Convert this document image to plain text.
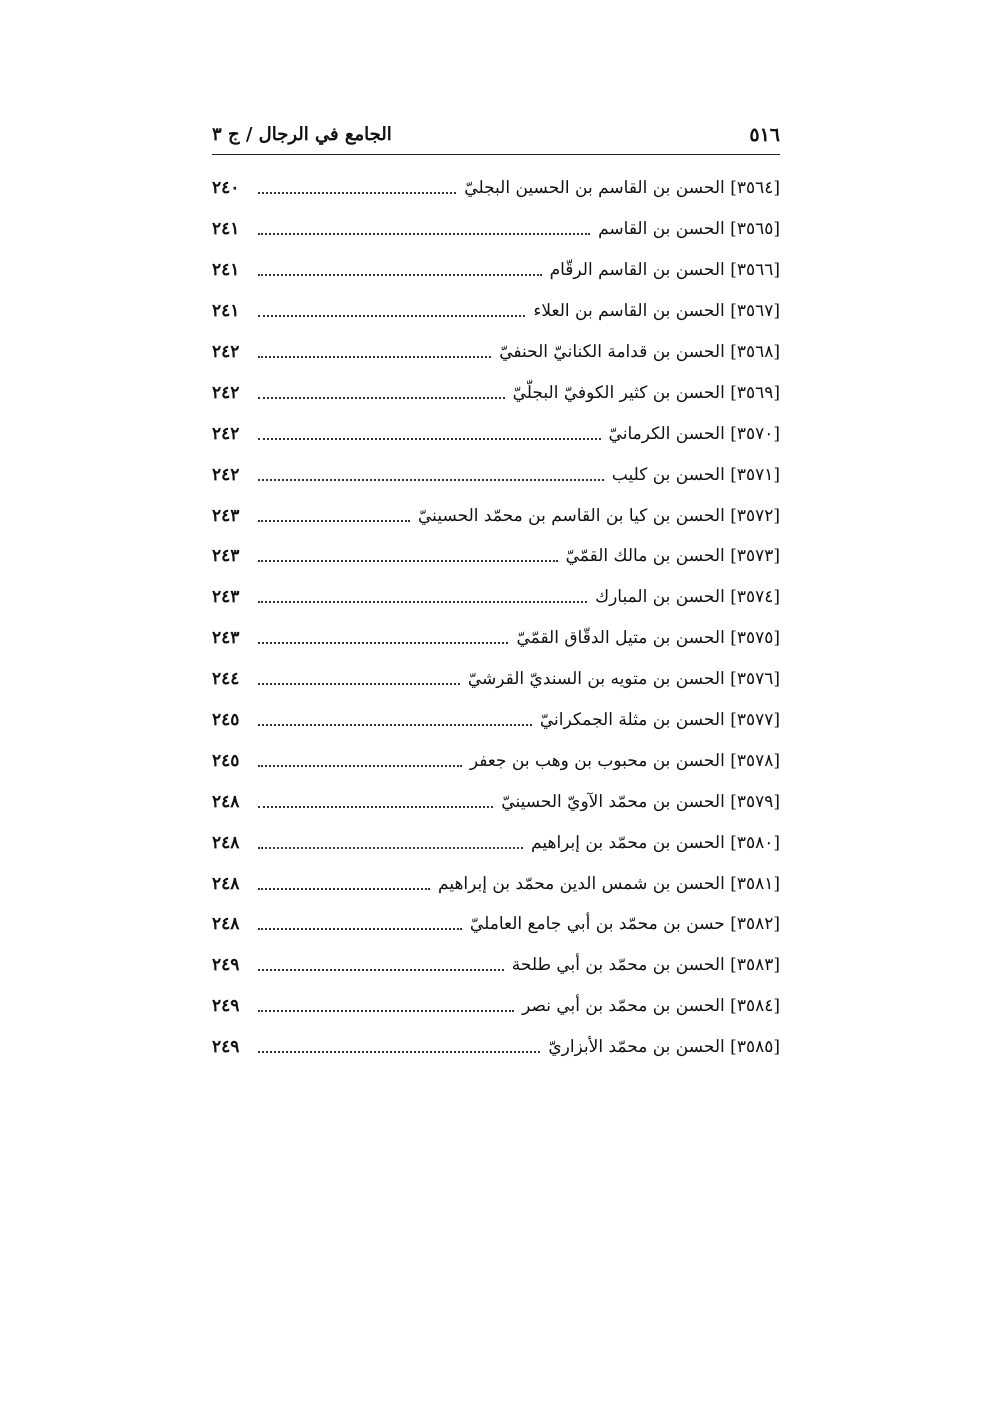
٥١٦
الجامع في الرجال / ج ٣
[٣٥٦٤] الحسن بن القاسم بن الحسين البجليّ
٢٤٠
[٣٥٦٥] الحسن بن القاسم
٢٤١
[٣٥٦٦] الحسن بن القاسم الرقّام
٢٤١
[٣٥٦٧] الحسن بن القاسم بن العلاء
٢٤١
[٣٥٦٨] الحسن بن قدامة الكنانيّ الحنفيّ
٢٤٢
[٣٥٦٩] الحسن بن كثير الكوفيّ البجلّيّ
٢٤٢
[٣٥٧٠] الحسن الكرمانيّ
٢٤٢
[٣٥٧١] الحسن بن كليب
٢٤٢
[٣٥٧٢] الحسن بن كيا بن القاسم بن محمّد الحسينيّ
٢٤٣
[٣٥٧٣] الحسن بن مالك القمّيّ
٢٤٣
[٣٥٧٤] الحسن بن المبارك
٢٤٣
[٣٥٧٥] الحسن بن متيل الدقّاق القمّيّ
٢٤٣
[٣٥٧٦] الحسن بن متويه بن السنديّ القرشيّ
٢٤٤
[٣٥٧٧] الحسن بن مثلة الجمكرانيّ
٢٤٥
[٣٥٧٨] الحسن بن محبوب بن وهب بن جعفر
٢٤٥
[٣٥٧٩] الحسن بن محمّد الآويّ الحسينيّ
٢٤٨
[٣٥٨٠] الحسن بن محمّد بن إبراهيم
٢٤٨
[٣٥٨١] الحسن بن شمس الدين محمّد بن إبراهيم
٢٤٨
[٣٥٨٢] حسن بن محمّد بن أبي جامع العامليّ
٢٤٨
[٣٥٨٣] الحسن بن محمّد بن أبي طلحة
٢٤٩
[٣٥٨٤] الحسن بن محمّد بن أبي نصر
٢٤٩
[٣٥٨٥] الحسن بن محمّد الأبزاريّ
٢٤٩
